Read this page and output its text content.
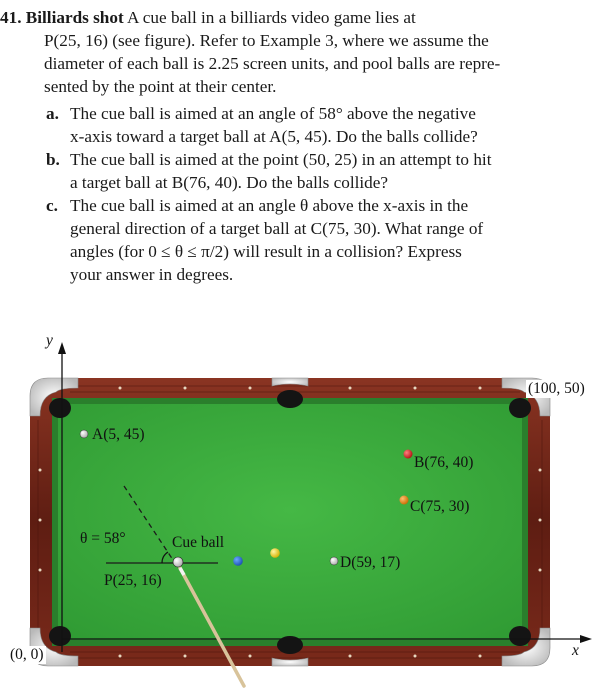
41. Billiards shot A cue ball in a billiards video game lies at
P(25, 16) (see figure). Refer to Example 3, where we assume the
diameter of each ball is 2.25 screen units, and pool balls are repre-
sented by the point at their center.
a. The cue ball is aimed at an angle of 58° above the negative
x-axis toward a target ball at A(5, 45). Do the balls collide?
b. The cue ball is aimed at the point (50, 25) in an attempt to hit
a target ball at B(76, 40). Do the balls collide?
c. The cue ball is aimed at an angle θ above the x-axis in the
general direction of a target ball at C(75, 30). What range of
angles (for 0 ≤ θ ≤ π/2) will result in a collision? Express
your answer in degrees.
y
x
(100, 50)
(0, 0)
A(5, 45)
B(76, 40)
C(75, 30)
D(59, 17)
P(25, 16)
Cue ball
θ = 58°
